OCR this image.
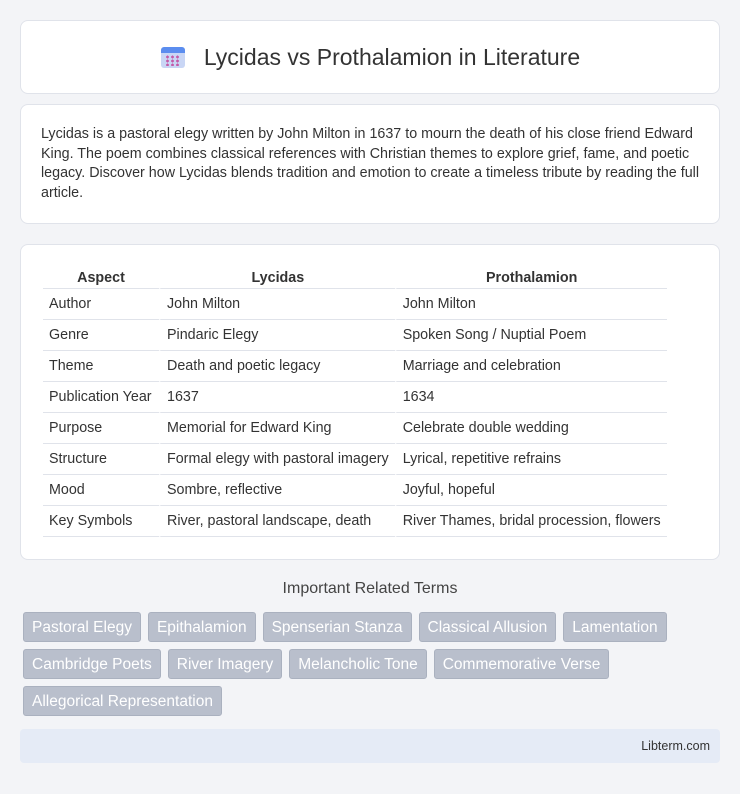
Lycidas vs Prothalamion in Literature

Lycidas is a pastoral elegy written by John Milton in 1637 to mourn the death of his close friend Edward King. The poem combines classical references with Christian themes to explore grief, fame, and poetic legacy. Discover how Lycidas blends tradition and emotion to create a timeless tribute by reading the full article.

Aspect	Lycidas	Prothalamion
Author	John Milton	John Milton
Genre	Pindaric Elegy	Spoken Song / Nuptial Poem
Theme	Death and poetic legacy	Marriage and celebration
Publication Year	1637	1634
Purpose	Memorial for Edward King	Celebrate double wedding
Structure	Formal elegy with pastoral imagery	Lyrical, repetitive refrains
Mood	Sombre, reflective	Joyful, hopeful
Key Symbols	River, pastoral landscape, death	River Thames, bridal procession, flowers
Important Related Terms
Pastoral Elegy	Epithalamion	Spenserian Stanza	Classical Allusion	Lamentation
Cambridge Poets	River Imagery	Melancholic Tone	Commemorative Verse
Allegorical Representation
Libterm.com
